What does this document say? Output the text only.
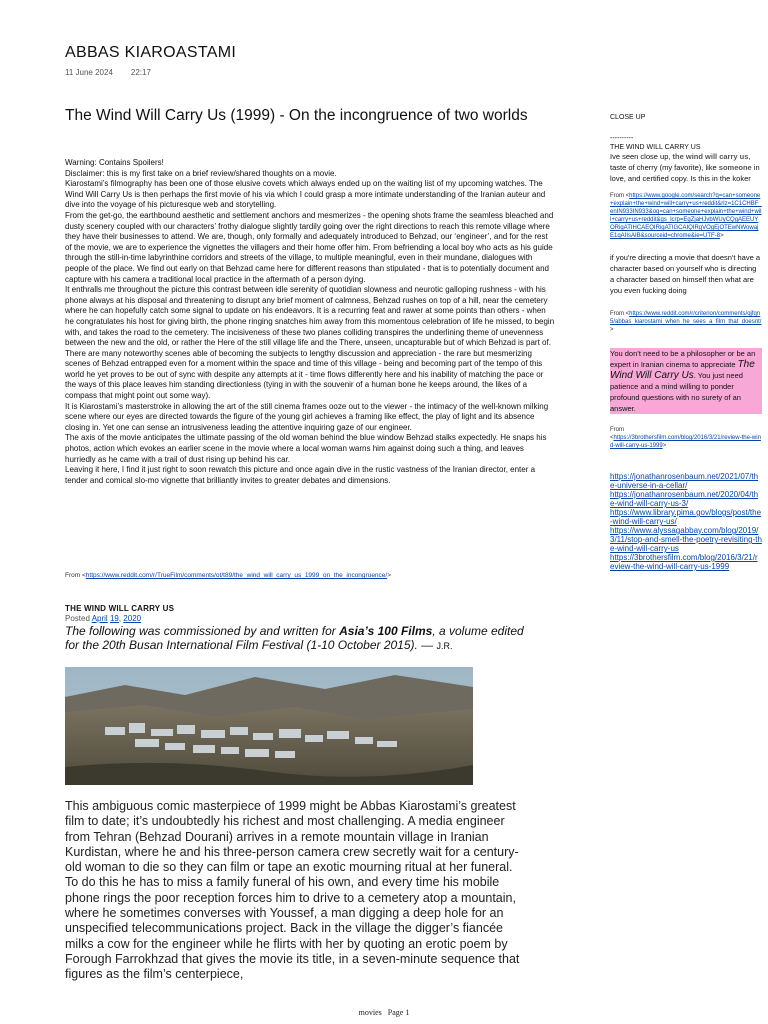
ABBAS KIAROASTAMI
11 June 2024 22:17
The Wind Will Carry Us (1999) - On the incongruence of two worlds

Warning: Contains Spoilers!

Disclaimer: this is my first take on a brief review/shared thoughts on a movie.

Kiarostami’s filmography has been one of those elusive covets which always ended up on the waiting list of my upcoming watches. The Wind Will Carry Us is then perhaps the first movie of his via which I could grasp a more intimate understanding of the Iranian auteur and dive into the voyage of his picturesque web and storytelling.

From the get-go, the earthbound aesthetic and settlement anchors and mesmerizes - the opening shots frame the seamless bleached and dusty scenery coupled with our characters’ frothy dialogue slightly tardily going over the right directions to reach this remote village where they have their businesses to attend. We are, though, only formally and adequately introduced to Behzad, our ‘engineer’, and for the rest of the movie, we are to experience the vignettes the villagers and their home offer him. From befriending a local boy who acts as his guide through the still-in-time labyrinthine corridors and streets of the village, to multiple meaningful, even in their mundane, dialogues with people of the place. We find out early on that Behzad came here for different reasons than stipulated - that is to potentially document and capture with his camera a traditional local practice in the aftermath of a person dying.

It enthralls me throughout the picture this contrast between idle serenity of quotidian slowness and neurotic galloping rushness - with his phone always at his disposal and threatening to disrupt any brief moment of calmness, Behzad rushes on top of a hill, near the cemetery where he can hopefully catch some signal to update on his endeavors. It is a recurring feat and rawer at some points than others - when he congratulates his host for giving birth, the phone ringing snatches him away from this momentous celebration of life he missed, to begin with, and takes the road to the cemetery. The incisiveness of these two planes colliding transpires the underlining theme of unevenness between the new and the old, or rather the Here of the still village life and the There, unseen, uncapturable but of which Behzad is part of.

There are many noteworthy scenes able of becoming the subjects to lengthy discussion and appreciation - the rare but mesmerizing scenes of Behzad entrapped even for a moment within the space and time of this village - being and becoming part of the tempo of this world he yet proves to be out of sync with despite any attempts at it - time flows differently here and his inability of matching the pace or the ways of this place leaves him standing directionless (tying in with the souvenir of a human bone he keeps around, the likes of a compass that might point out some way).

It is Kiarostami’s masterstroke in allowing the art of the still cinema frames ooze out to the viewer - the intimacy of the well-known milking scene where our eyes are directed towards the figure of the young girl achieves a framing like effect, the play of light and its absence closing in. Yet one can sense an intrusiveness leading the attentive inquiring gaze of our engineer.

The axis of the movie anticipates the ultimate passing of the old woman behind the blue window Behzad stalks expectedly. He snaps his photos, action which evokes an earlier scene in the movie where a local woman warns him against doing such a thing, and leaves hurriedly as he came with a trail of dust rising up behind his car.

Leaving it here, I find it just right to soon rewatch this picture and once again dive in the rustic vastness of the Iranian director, enter a tender and comical slo-mo vignette that brilliantly invites to greater debates and dimensions.

From <https://www.reddit.com/r/TrueFilm/comments/ot/t89/the_wind_will_carry_us_1999_on_the_incongruence/>
THE WIND WILL CARRY US
Posted April 19, 2020
The following was commissioned by and written for Asia’s 100 Films, a volume edited for the 20th Busan International Film Festival (1-10 October 2015). — J.R.
This ambiguous comic masterpiece of 1999 might be Abbas Kiarostami’s greatest film to date; it’s undoubtedly his richest and most challenging. A media engineer from Tehran (Behzad Dourani) arrives in a remote mountain village in Iranian Kurdistan, where he and his three-person camera crew secretly wait for a century-old woman to die so they can film or tape an exotic mourning ritual at her funeral. To do this he has to miss a family funeral of his own, and every time his mobile phone rings the poor reception forces him to drive to a cemetery atop a mountain, where he sometimes converses with Youssef, a man digging a deep hole for an unspecified telecommunications project. Back in the village the digger’s fiancée milks a cow for the engineer while he flirts with her by quoting an erotic poem by Forough Farrokhzad that gives the movie its title, in a seven-minute sequence that figures as the film’s centerpiece,
movies Page 1
CLOSE UP
----------
THE WIND WILL CARRY US
Ive seen close up, the wind will carry us, taste of cherry (my favorite), like someone in love, and certified copy. Is this in the koker
From <https://www.google.com/search?q=can+someone+explain+the+wind+will+carry+us+reddit&rlz=1C1CHBF_enIN933IN933&oq=can+someone+explain+the+wind+will+carry+us+reddit&gs_lcrp=EgZjaHJvbWUyCQgAEEUYORigATIHCAEQIRigATIGCAIQIRgVOgEjOTEwNWowajE1qAIIsAIB&sourceid=chrome&ie=UTF-8>
if you're directing a movie that doesn't have a character based on yourself who is directing a character based on himself then what are you even fucking doing
From <https://www.reddit.com/r/criterion/comments/qjfqn5/abbas_kiarostami_when_he_sees_a_film_that_doesnt/>
You don’t need to be a philosopher or be an expert in Iranian cinema to appreciate The Wind Will Carry Us. You just need patience and a mind willing to ponder profound questions with no surety of an answer.
From
<https://3brothersfilm.com/blog/2016/3/21/review-the-wind-will-carry-us-1999>
https://jonathanrosenbaum.net/2021/07/the-universe-in-a-cellar/
https://jonathanrosenbaum.net/2020/04/the-wind-will-carry-us-3/
https://www.library.pima.gov/blogs/post/the-wind-will-carry-us/
https://www.alyssagabbay.com/blog/2019/3/11/stop-and-smell-the-poetry-revisiting-the-wind-will-carry-us
https://3brothersfilm.com/blog/2016/3/21/review-the-wind-will-carry-us-1999
